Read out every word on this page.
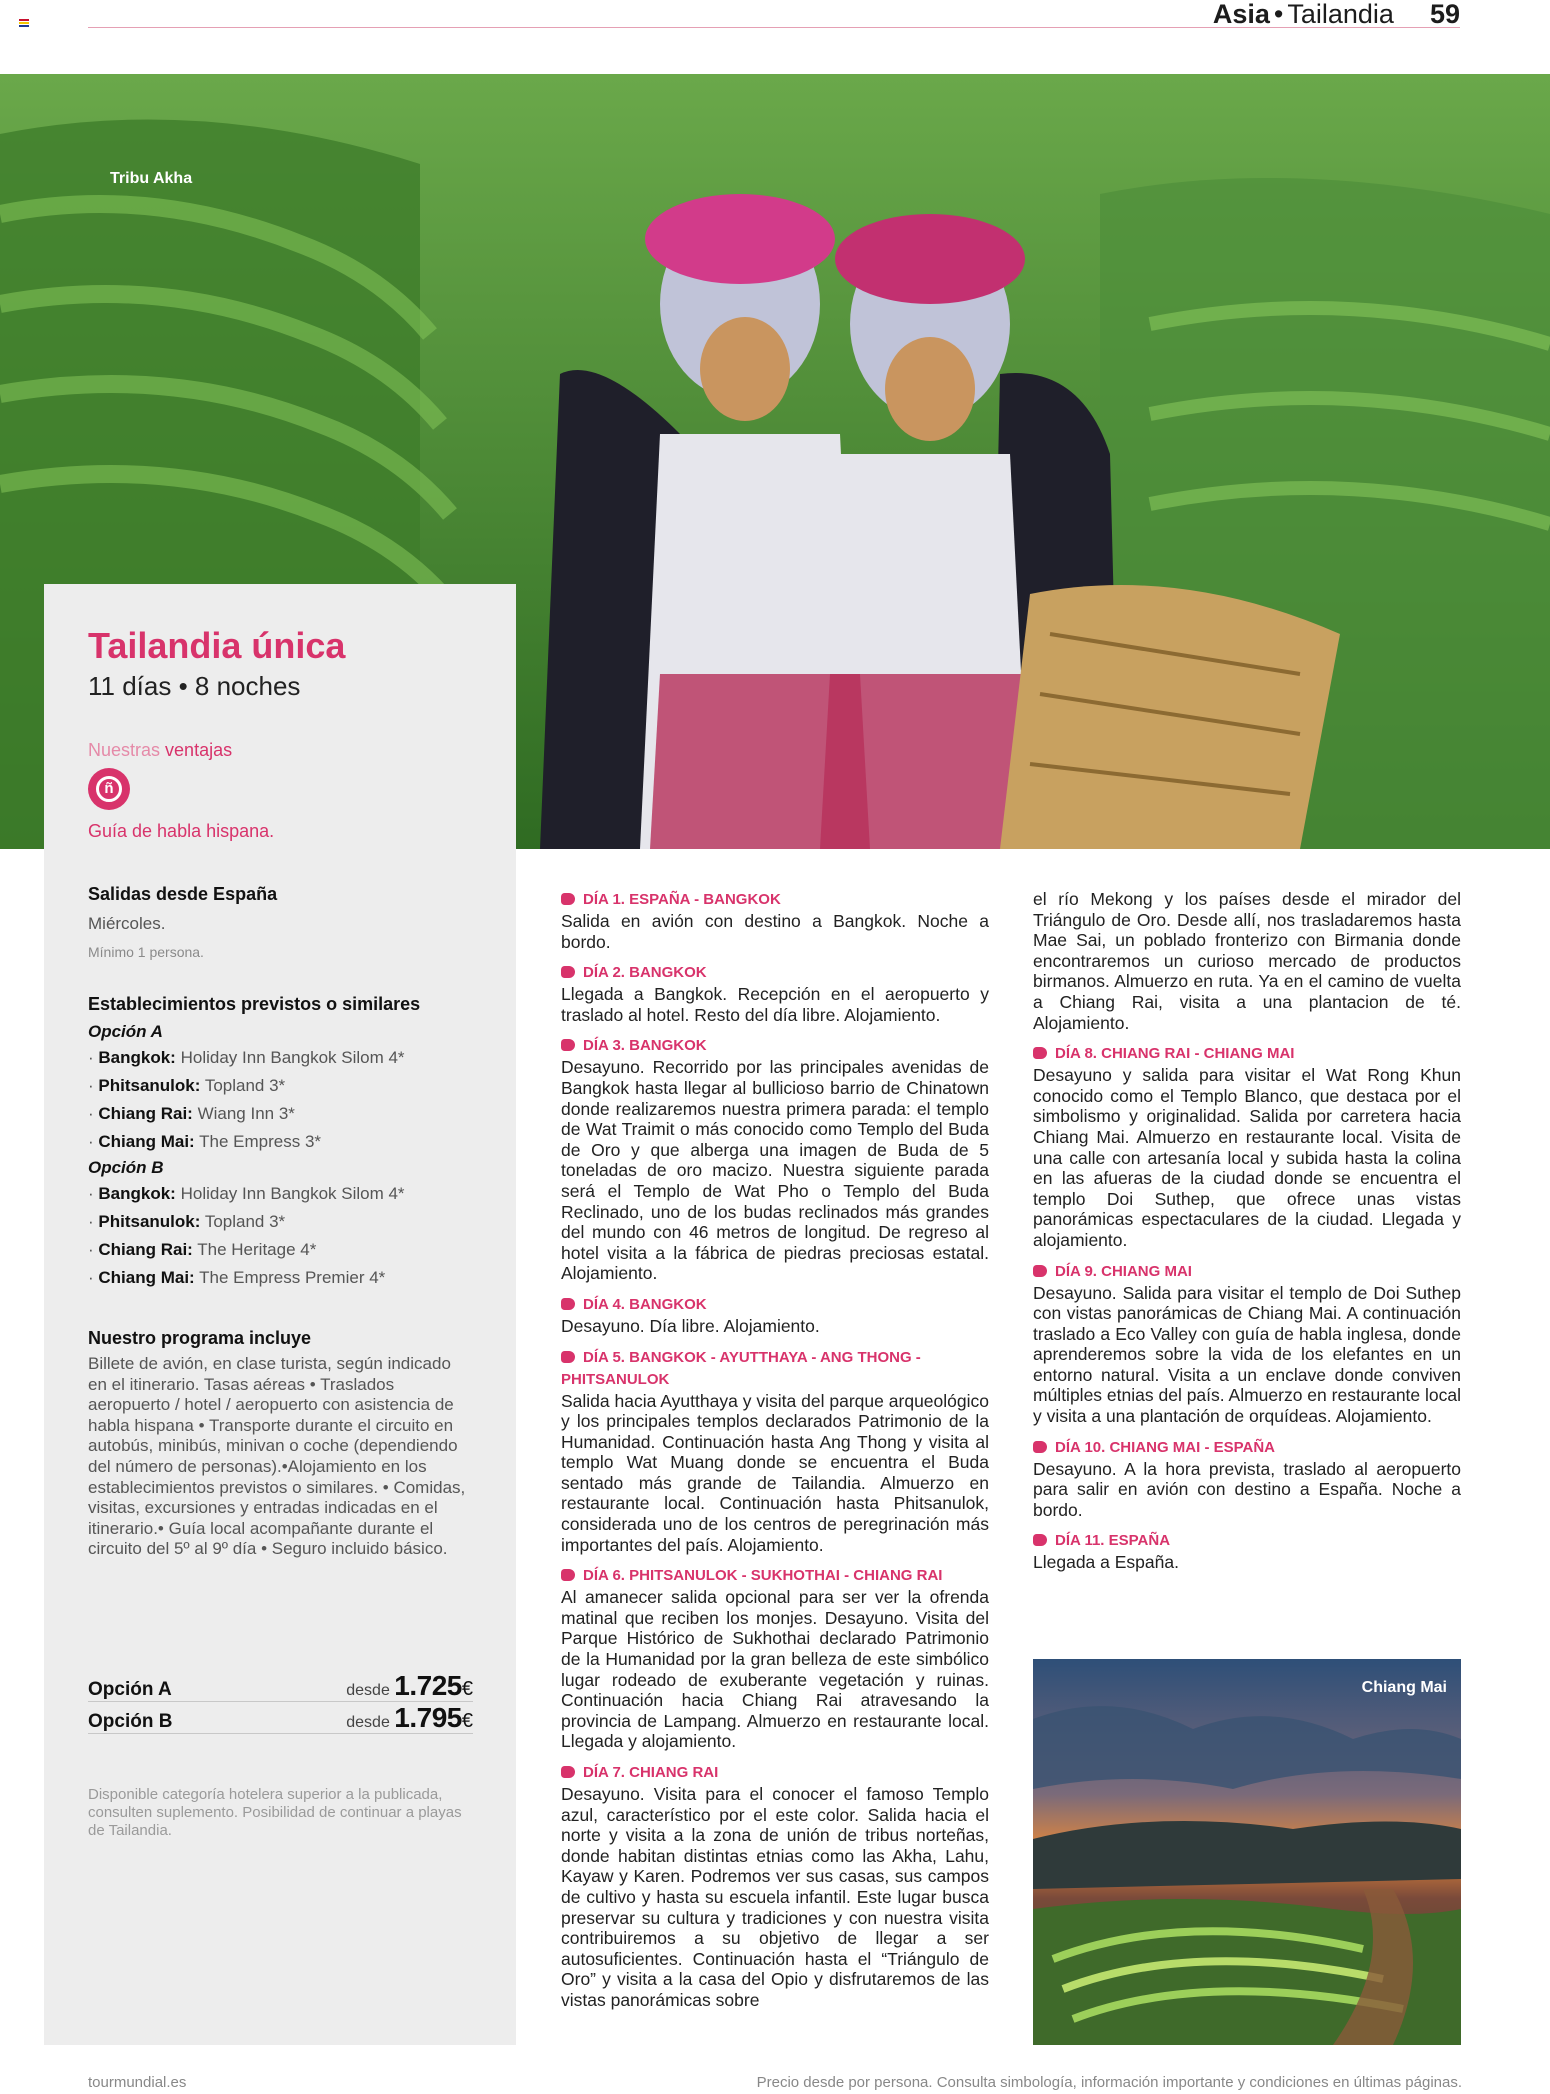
Asia • Tailandia 59
Tribu Akha
Tailandia única
11 días • 8 noches
Nuestras ventajas
ñ
Guía de habla hispana.
Salidas desde España
Miércoles.
Mínimo 1 persona.
Establecimientos previstos o similares
Opción A
· Bangkok: Holiday Inn Bangkok Silom 4*
· Phitsanulok: Topland 3*
· Chiang Rai: Wiang Inn 3*
· Chiang Mai: The Empress 3*
Opción B
· Bangkok: Holiday Inn Bangkok Silom 4*
· Phitsanulok: Topland 3*
· Chiang Rai: The Heritage 4*
· Chiang Mai: The Empress Premier 4*
Nuestro programa incluye
Billete de avión, en clase turista, según indicado en el itinerario. Tasas aéreas • Traslados aeropuerto / hotel / aeropuerto con asistencia de habla hispana • Transporte durante el circuito en autobús, minibús, minivan o coche (dependiendo del número de personas).•Alojamiento en los establecimientos previstos o similares. • Comidas, visitas, excursiones y entradas indicadas en el itinerario.• Guía local acompañante durante el circuito del 5º al 9º día • Seguro incluido básico.
Opción A	desde 1.725€
Opción B	desde 1.795€
Disponible categoría hotelera superior a la publicada, consulten suplemento. Posibilidad de continuar a playas de Tailandia.
DÍA 1. ESPAÑA - BANGKOK
Salida en avión con destino a Bangkok. Noche a bordo.
DÍA 2. BANGKOK
Llegada a Bangkok. Recepción en el aeropuerto y traslado al hotel. Resto del día libre. Alojamiento.
DÍA 3. BANGKOK
Desayuno. Recorrido por las principales avenidas de Bangkok hasta llegar al bullicioso barrio de Chinatown donde realizaremos nuestra primera parada: el templo de Wat Traimit o más conocido como Templo del Buda de Oro y que alberga una imagen de Buda de 5 toneladas de oro macizo. Nuestra siguiente parada será el Templo de Wat Pho o Templo del Buda Reclinado, uno de los budas reclinados más grandes del mundo con 46 metros de longitud. De regreso al hotel visita a la fábrica de piedras preciosas estatal. Alojamiento.
DÍA 4. BANGKOK
Desayuno. Día libre. Alojamiento.
DÍA 5. BANGKOK - AYUTTHAYA - ANG THONG - PHITSANULOK
Salida hacia Ayutthaya y visita del parque arqueológico y los principales templos declarados Patrimonio de la Humanidad. Continuación hasta Ang Thong y visita al templo Wat Muang donde se encuentra el Buda sentado más grande de Tailandia. Almuerzo en restaurante local. Continuación hasta Phitsanulok, considerada uno de los centros de peregrinación más importantes del país. Alojamiento.
DÍA 6. PHITSANULOK - SUKHOTHAI - CHIANG RAI
Al amanecer salida opcional para ser ver la ofrenda matinal que reciben los monjes. Desayuno. Visita del Parque Histórico de Sukhothai declarado Patrimonio de la Humanidad por la gran belleza de este simbólico lugar rodeado de exuberante vegetación y ruinas. Continuación hacia Chiang Rai atravesando la provincia de Lampang. Almuerzo en restaurante local. Llegada y alojamiento.
DÍA 7. CHIANG RAI
Desayuno. Visita para el conocer el famoso Templo azul, característico por el este color. Salida hacia el norte y visita a la zona de unión de tribus norteñas, donde habitan distintas etnias como las Akha, Lahu, Kayaw y Karen. Podremos ver sus casas, sus campos de cultivo y hasta su escuela infantil. Este lugar busca preservar su cultura y tradiciones y con nuestra visita contribuiremos a su objetivo de llegar a ser autosuficientes. Continuación hasta el “Triángulo de Oro” y visita a la casa del Opio y disfrutaremos de las vistas panorámicas sobre
el río Mekong y los países desde el mirador del Triángulo de Oro. Desde allí, nos trasladaremos hasta Mae Sai, un poblado fronterizo con Birmania donde encontraremos un curioso mercado de productos birmanos. Almuerzo en ruta. Ya en el camino de vuelta a Chiang Rai, visita a una plantacion de té. Alojamiento.
DÍA 8. CHIANG RAI - CHIANG MAI
Desayuno y salida para visitar el Wat Rong Khun conocido como el Templo Blanco, que destaca por el simbolismo y originalidad. Salida por carretera hacia Chiang Mai. Almuerzo en restaurante local. Visita de una calle con artesanía local y subida hasta la colina en las afueras de la ciudad donde se encuentra el templo Doi Suthep, que ofrece unas vistas panorámicas espectaculares de la ciudad. Llegada y alojamiento.
DÍA 9. CHIANG MAI
Desayuno. Salida para visitar el templo de Doi Suthep con vistas panorámicas de Chiang Mai. A continuación traslado a Eco Valley con guía de habla inglesa, donde aprenderemos sobre la vida de los elefantes en un entorno natural. Visita a un enclave donde conviven múltiples etnias del país. Almuerzo en restaurante local y visita a una plantación de orquídeas. Alojamiento.
DÍA 10. CHIANG MAI - ESPAÑA
Desayuno. A la hora prevista, traslado al aeropuerto para salir en avión con destino a España. Noche a bordo.
DÍA 11. ESPAÑA
Llegada a España.
Chiang Mai
tourmundial.es	Precio desde por persona. Consulta simbología, información importante y condiciones en últimas páginas.
